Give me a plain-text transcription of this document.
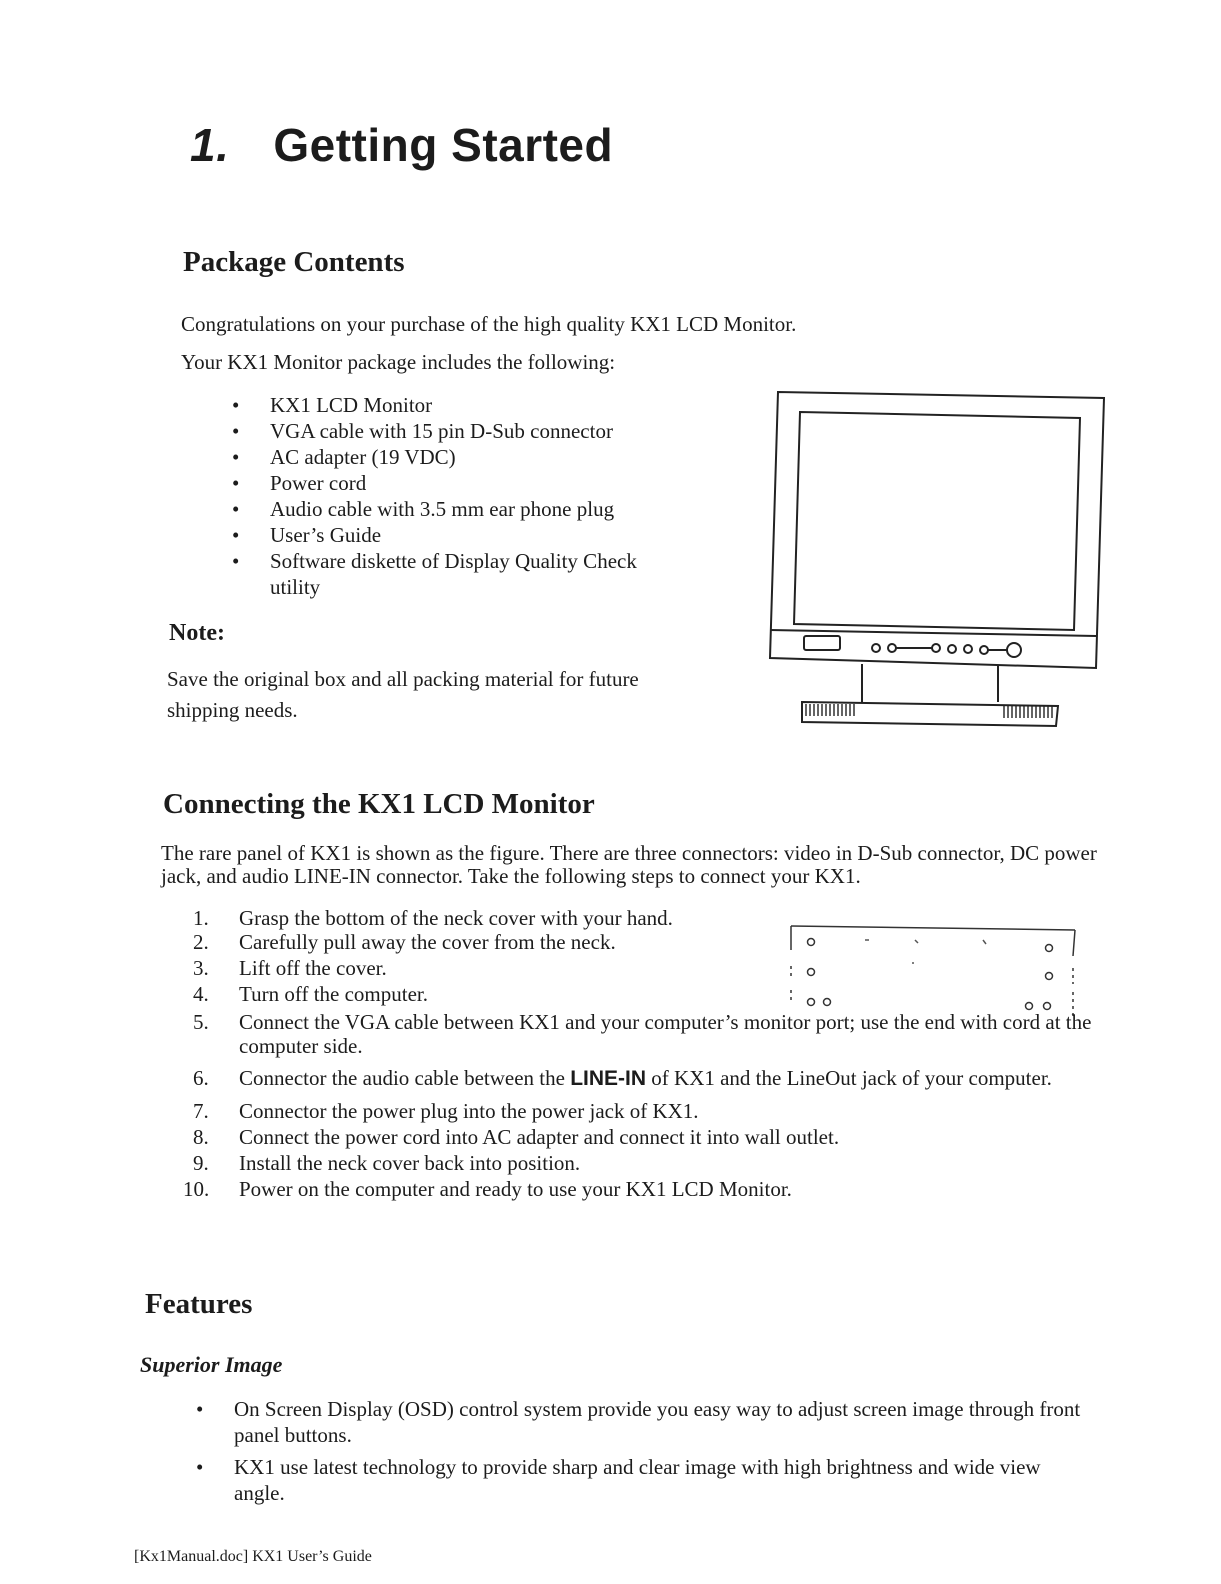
1. Getting Started
Package Contents
Congratulations on your purchase of the high quality KX1 LCD Monitor.
Your KX1 Monitor package includes the following:
• KX1 LCD Monitor
• VGA cable with 15 pin D-Sub connector
• AC adapter (19 VDC)
• Power cord
• Audio cable with 3.5 mm ear phone plug
• User’s Guide
• Software diskette of Display Quality Check utility
Note:
Save the original box and all packing material for future shipping needs.
Connecting the KX1 LCD Monitor
The rare panel of KX1 is shown as the figure. There are three connectors: video in D-Sub connector, DC power jack, and audio LINE-IN connector. Take the following steps to connect your KX1.
1. Grasp the bottom of the neck cover with your hand.
2. Carefully pull away the cover from the neck.
3. Lift off the cover.
4. Turn off the computer.
5. Connect the VGA cable between KX1 and your computer’s monitor port; use the end with cord at the computer side.
6. Connector the audio cable between the LINE-IN of KX1 and the LineOut jack of your computer.
7. Connector the power plug into the power jack of KX1.
8. Connect the power cord into AC adapter and connect it into wall outlet.
9. Install the neck cover back into position.
10. Power on the computer and ready to use your KX1 LCD Monitor.
Features
Superior Image
• On Screen Display (OSD) control system provide you easy way to adjust screen image through front panel buttons.
• KX1 use latest technology to provide sharp and clear image with high brightness and wide view angle.
[Kx1Manual.doc] KX1 User’s Guide
